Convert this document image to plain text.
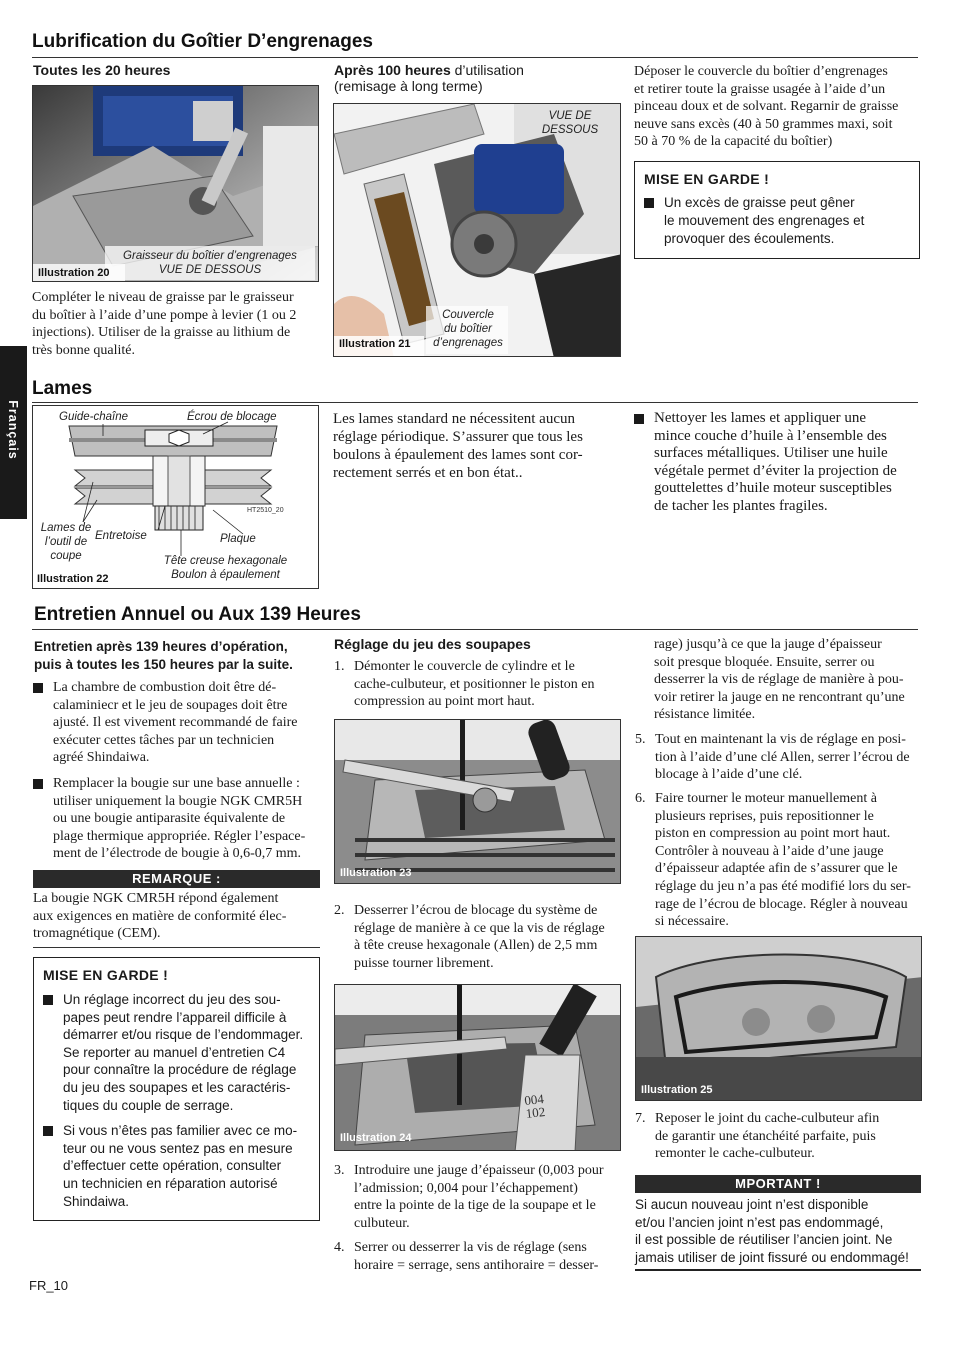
Français
Lubrification du Goîtier D’engrenages
Toutes les 20 heures	Après 100 heures d’utilisation
(remisage à long terme)
Graisseur du boîtier d’engrenages
VUE DE DESSOUS
Illustration 20
VUE DE
DESSOUS
Couvercle
du boîtier
d’engrenages
Illustration 21
Compléter le niveau de graisse par le graisseur
du boîtier à l’aide d’une pompe à levier (1 ou 2
injections). Utiliser de la graisse au lithium de
très bonne qualité.
Déposer le couvercle du boîtier d’engrenages
et retirer toute la graisse usagée à l’aide d’un
pinceau doux et de solvant. Regarnir de graisse
neuve sans excès (40 à 50 grammes maxi, soit
50 à 70 % de la capacité du boîtier)
MISE EN GARDE !
Un excès de graisse peut gêner
le mouvement des engrenages et
provoquer des écoulements.
Lames
Guide-chaîne	Écrou de blocage
HT2510_20
Lames de
l’outil de
coupe
Entretoise	Plaque
Tête creuse hexagonale
Boulon à épaulement
Illustration 22
Les lames standard ne nécessitent aucun
réglage périodique. S’assurer que tous les
boulons à épaulement des lames sont cor-
rectement serrés et en bon état..
Nettoyer les lames et appliquer une
mince couche d’huile à l’ensemble des
surfaces métalliques. Utiliser une huile
végétale permet d’éviter la projection de
gouttelettes d’huile moteur susceptibles
de tacher les plantes fragiles.
Entretien Annuel ou Aux 139 Heures
Entretien après 139 heures d’opération,
puis à toutes les 150 heures par la suite.
La chambre de combustion doit être dé-
calaminiecr et le jeu de soupages doit être
ajusté. Il est vivement recommandé de faire
exécuter cettes tâches par un technicien
agréé Shindaiwa.
Remplacer la bougie sur une base annuelle :
utiliser uniquement la bougie NGK CMR5H
ou une bougie antiparasite équivalente de
plage thermique appropriée. Régler l’espace-
ment de l’électrode de bougie à 0,6-0,7 mm.
REMARQUE :
La bougie NGK CMR5H répond également
aux exigences en matière de conformité élec-
tromagnétique (CEM).
MISE EN GARDE !
Un réglage incorrect du jeu des sou-
papes peut rendre l’appareil difficile à
démarrer et/ou risque de l’endommager.
Se reporter au manuel d’entretien C4
pour connaître la procédure de réglage
du jeu des soupapes et les caractéris-
tiques du couple de serrage.
Si vous n’êtes pas familier avec ce mo-
teur ou ne vous sentez pas en mesure
d’effectuer cette opération, consulter
un technicien en réparation autorisé
Shindaiwa.
Réglage du jeu des soupapes
1. Démonter le couvercle de cylindre et le
cache-culbuteur, et positionner le piston en
compression au point mort haut.
Illustration 23
2. Desserrer l’écrou de blocage du système de
réglage de manière à ce que la vis de réglage
à tête creuse hexagonale (Allen) de 2,5 mm
puisse tourner librement.
004
102
Illustration 24
3. Introduire une jauge d’épaisseur (0,003 pour
l’admission; 0,004 pour l’échappement)
entre la pointe de la tige de la soupape et le
culbuteur.
4. Serrer ou desserrer la vis de réglage (sens
horaire = serrage, sens antihoraire = desser-
rage) jusqu’à ce que la jauge d’épaisseur
soit presque bloquée. Ensuite, serrer ou
desserrer la vis de réglage de manière à pou-
voir retirer la jauge en ne rencontrant qu’une
résistance limitée.
5. Tout en maintenant la vis de réglage en posi-
tion à l’aide d’une clé Allen, serrer l’écrou de
blocage à l’aide d’une clé.
6. Faire tourner le moteur manuellement à
plusieurs reprises, puis repositionner le
piston en compression au point mort haut.
Contrôler à nouveau à l’aide d’une jauge
d’épaisseur adaptée afin de s’assurer que le
réglage du jeu n’a pas été modifié lors du ser-
rage de l’écrou de blocage. Régler à nouveau
si nécessaire.
Illustration 25
7. Reposer le joint du cache-culbuteur afin
de garantir une étanchéité parfaite, puis
remonter le cache-culbuteur.
MPORTANT !
Si aucun nouveau joint n’est disponible
et/ou l’ancien joint n’est pas endommagé,
il est possible de réutiliser l’ancien joint. Ne
jamais utiliser de joint fissuré ou endommagé!
FR_10
